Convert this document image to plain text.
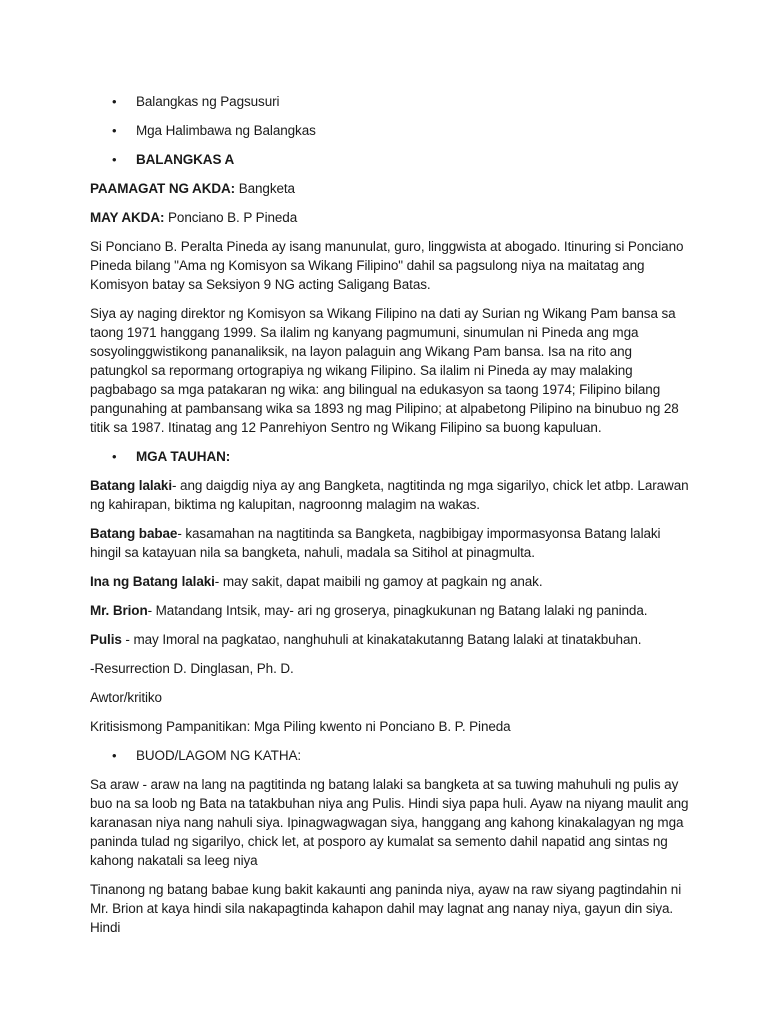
• Balangkas ng Pagsusuri
• Mga Halimbawa ng Balangkas
• BALANGKAS A

PAAMAGAT NG AKDA: Bangketa

MAY AKDA: Ponciano B. P Pineda

Si Ponciano B. Peralta Pineda ay isang manunulat, guro, linggwista at abogado. Itinuring si Ponciano Pineda bilang "Ama ng Komisyon sa Wikang Filipino" dahil sa pagsulong niya na maitatag ang Komisyon batay sa Seksiyon 9 NG acting Saligang Batas.

Siya ay naging direktor ng Komisyon sa Wikang Filipino na dati ay Surian ng Wikang Pam bansa sa taong 1971 hanggang 1999. Sa ilalim ng kanyang pagmumuni, sinumulan ni Pineda ang mga sosyolinggwistikong pananaliksik, na layon palaguin ang Wikang Pam bansa. Isa na rito ang patungkol sa repormang ortograpiya ng wikang Filipino. Sa ilalim ni Pineda ay may malaking pagbabago sa mga patakaran ng wika: ang bilingual na edukasyon sa taong 1974; Filipino bilang pangunahing at pambansang wika sa 1893 ng mag Pilipino; at alpabetong Pilipino na binubuo ng 28 titik sa 1987. Itinatag ang 12 Panrehiyon Sentro ng Wikang Filipino sa buong kapuluan.

• MGA TAUHAN:

Batang lalaki- ang daigdig niya ay ang Bangketa, nagtitinda ng mga sigarilyo, chick let atbp. Larawan ng kahirapan, biktima ng kalupitan, nagroonng malagim na wakas.

Batang babae- kasamahan na nagtitinda sa Bangketa, nagbibigay impormasyonsa Batang lalaki hingil sa katayuan nila sa bangketa, nahuli, madala sa Sitihol at pinagmulta.

Ina ng Batang lalaki- may sakit, dapat maibili ng gamoy at pagkain ng anak.

Mr. Brion- Matandang Intsik, may- ari ng groserya, pinagkukunan ng Batang lalaki ng paninda.

Pulis - may Imoral na pagkatao, nanghuhuli at kinakatakutanng Batang lalaki at tinatakbuhan.

-Resurrection D. Dinglasan, Ph. D.

Awtor/kritiko

Kritisismong Pampanitikan: Mga Piling kwento ni Ponciano B. P. Pineda

• BUOD/LAGOM NG KATHA:

Sa araw - araw na lang na pagtitinda ng batang lalaki sa bangketa at sa tuwing mahuhuli ng pulis ay buo na sa loob ng Bata na tatakbuhan niya ang Pulis. Hindi siya papa huli. Ayaw na niyang maulit ang karanasan niya nang nahuli siya. Ipinagwagwagan siya, hanggang ang kahong kinakalagyan ng mga paninda tulad ng sigarilyo, chick let, at posporo ay kumalat sa semento dahil napatid ang sintas ng kahong nakatali sa leeg niya

Tinanong ng batang babae kung bakit kakaunti ang paninda niya, ayaw na raw siyang pagtindahin ni Mr. Brion at kaya hindi sila nakapagtinda kahapon dahil may lagnat ang nanay niya, gayun din siya. Hindi
